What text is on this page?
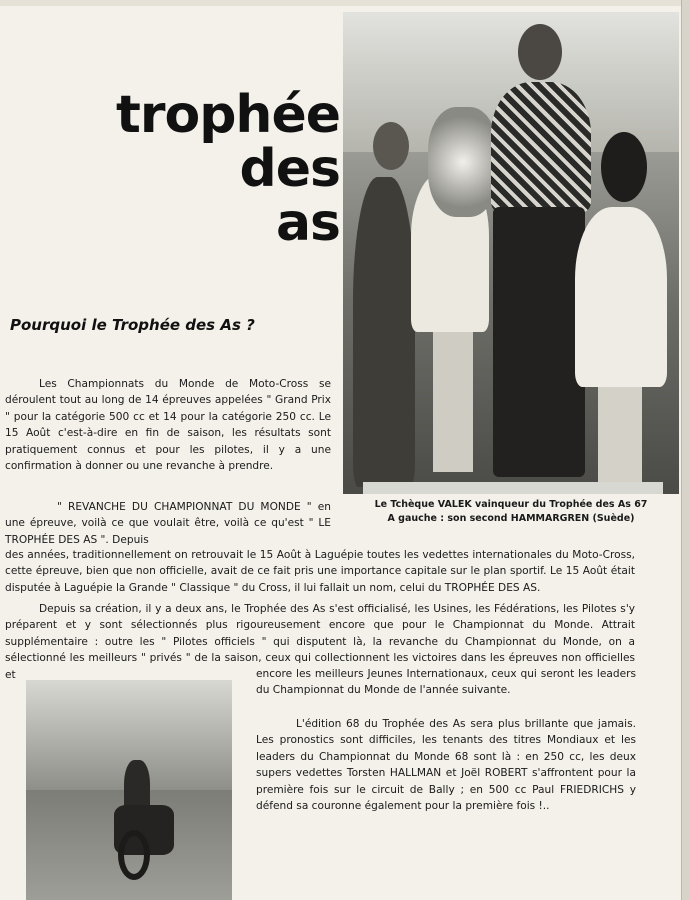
trophée
des
as
Pourquoi le Trophée des As ?
Le Tchèque VALEK vainqueur du Trophée des As 67
A gauche : son second HAMMARGREN (Suède)
Les Championnats du Monde de Moto-Cross se déroulent tout au long de 14 épreuves appelées " Grand Prix " pour la catégorie 500 cc et 14 pour la catégorie 250 cc. Le 15 Août c'est-à-dire en fin de saison, les résultats sont pratiquement connus et pour les pilotes, il y a une confirmation à donner ou une revanche à prendre.
" REVANCHE DU CHAMPIONNAT DU MONDE " en une épreuve, voilà ce que voulait être, voilà ce qu'est " LE TROPHÉE DES AS ". Depuis
des années, traditionnellement on retrouvait le 15 Août à Laguépie toutes les vedettes internationales du Moto-Cross, cette épreuve, bien que non officielle, avait de ce fait pris une importance capitale sur le plan sportif. Le 15 Août était disputée à Laguépie la Grande " Classique " du Cross, il lui fallait un nom, celui du TROPHÉE DES AS.
Depuis sa création, il y a deux ans, le Trophée des As s'est officialisé, les Usines, les Fédérations, les Pilotes s'y préparent et y sont sélectionnés plus rigoureusement encore que pour le Championnat du Monde. Attrait supplémentaire : outre les " Pilotes officiels " qui disputent là, la revanche du Championnat du Monde, on a sélectionné les meilleurs " privés " de la saison, ceux qui collectionnent les victoires dans les épreuves non officielles et	encore les meilleurs Jeunes Internationaux, ceux qui seront les leaders du Championnat du Monde de l'année suivante.
L'édition 68 du Trophée des As sera plus brillante que jamais. Les pronostics sont difficiles, les tenants des titres Mondiaux et les leaders du Championnat du Monde 68 sont là : en 250 cc, les deux supers vedettes Torsten HALLMAN et Joël ROBERT s'affrontent pour la première fois sur le circuit de Bally ; en 500 cc Paul FRIEDRICHS y défend sa couronne également pour la première fois !..
